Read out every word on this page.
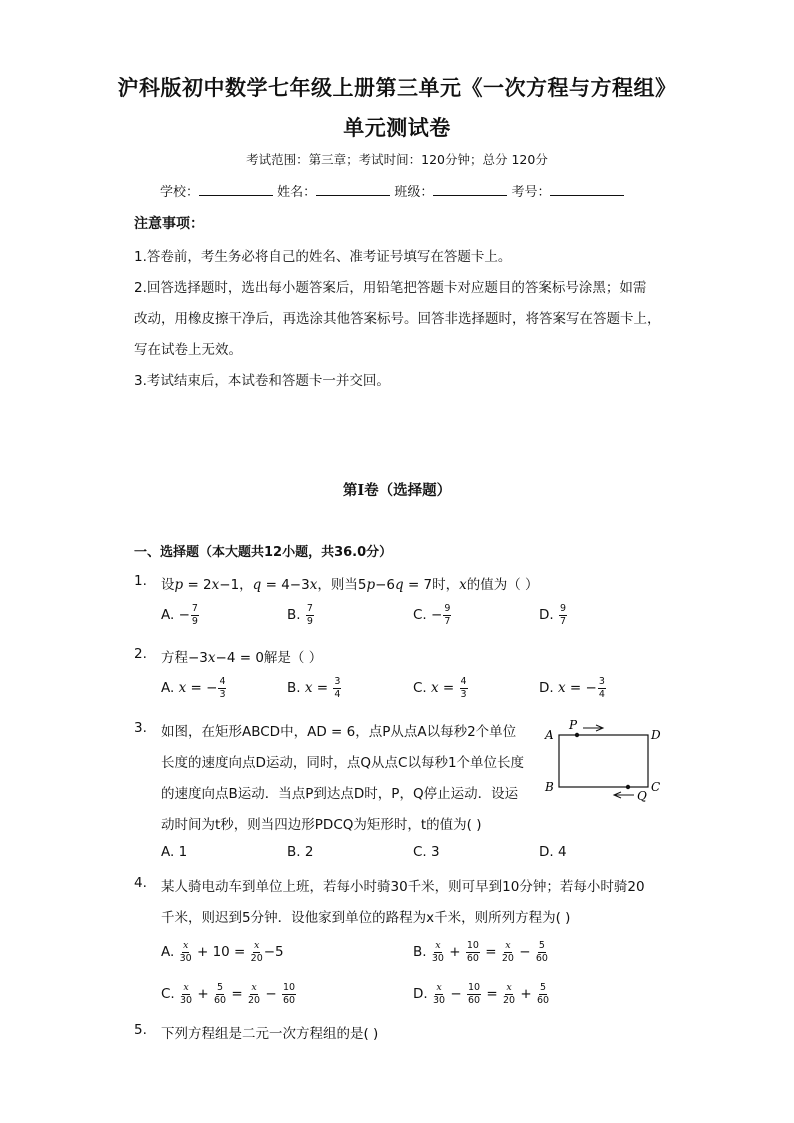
沪科版初中数学七年级上册第三单元《一次方程与方程组》
单元测试卷
考试范围：第三章；考试时间：120分钟；总分 120分
学校：	姓名：	班级：	考号：
注意事项：
1.答卷前，考生务必将自己的姓名、准考证号填写在答题卡上。
2.回答选择题时，选出每小题答案后，用铅笔把答题卡对应题目的答案标号涂黑；如需
改动，用橡皮擦干净后，再选涂其他答案标号。回答非选择题时，将答案写在答题卡上，
写在试卷上无效。
3.考试结束后，本试卷和答题卡一并交回。
第I卷（选择题）
一、选择题（本大题共12小题，共36.0分）
1. 设p = 2x−1，q = 4−3x，则当5p−6q = 7时，x的值为（ ）
A. − $\frac{7}{9}$	B. $\frac{7}{9}$	C. − $\frac{9}{7}$	D. $\frac{9}{7}$
2. 方程−3x−4 = 0解是（ ）
A. x = − $\frac{4}{3}$	B. $x = \frac{3}{4}$	C. $x = \frac{4}{3}$	D. x = − $\frac{3}{4}$
3. 如图，在矩形ABCD中，AD = 6，点P从点A以每秒2个单位
长度的速度向点D运动，同时，点Q从点C以每秒1个单位长度
的速度向点B运动．当点P到达点D时，P，Q停止运动．设运
动时间为t秒，则当四边形PDCQ为矩形时，t的值为( )
A
P
D
B	C
Q
A. 1	B. 2	C. 3	D. 4
4. 某人骑电动车到单位上班，若每小时骑30千米，则可早到10分钟；若每小时骑20
千米，则迟到5分钟．设他家到单位的路程为x千米，则所列方程为( )
A. $\frac{x}{30} + 10 = \frac{x}{20} -5$	B. $\frac{x}{30} + \frac{10}{60} = \frac{x}{20} - \frac{5}{60}$
C. $\frac{x}{30} + \frac{5}{60} = \frac{x}{20} - \frac{10}{60}$	D. $\frac{x}{30} - \frac{10}{60} = \frac{x}{20} + \frac{5}{60}$
5. 下列方程组是二元一次方程组的是( )
